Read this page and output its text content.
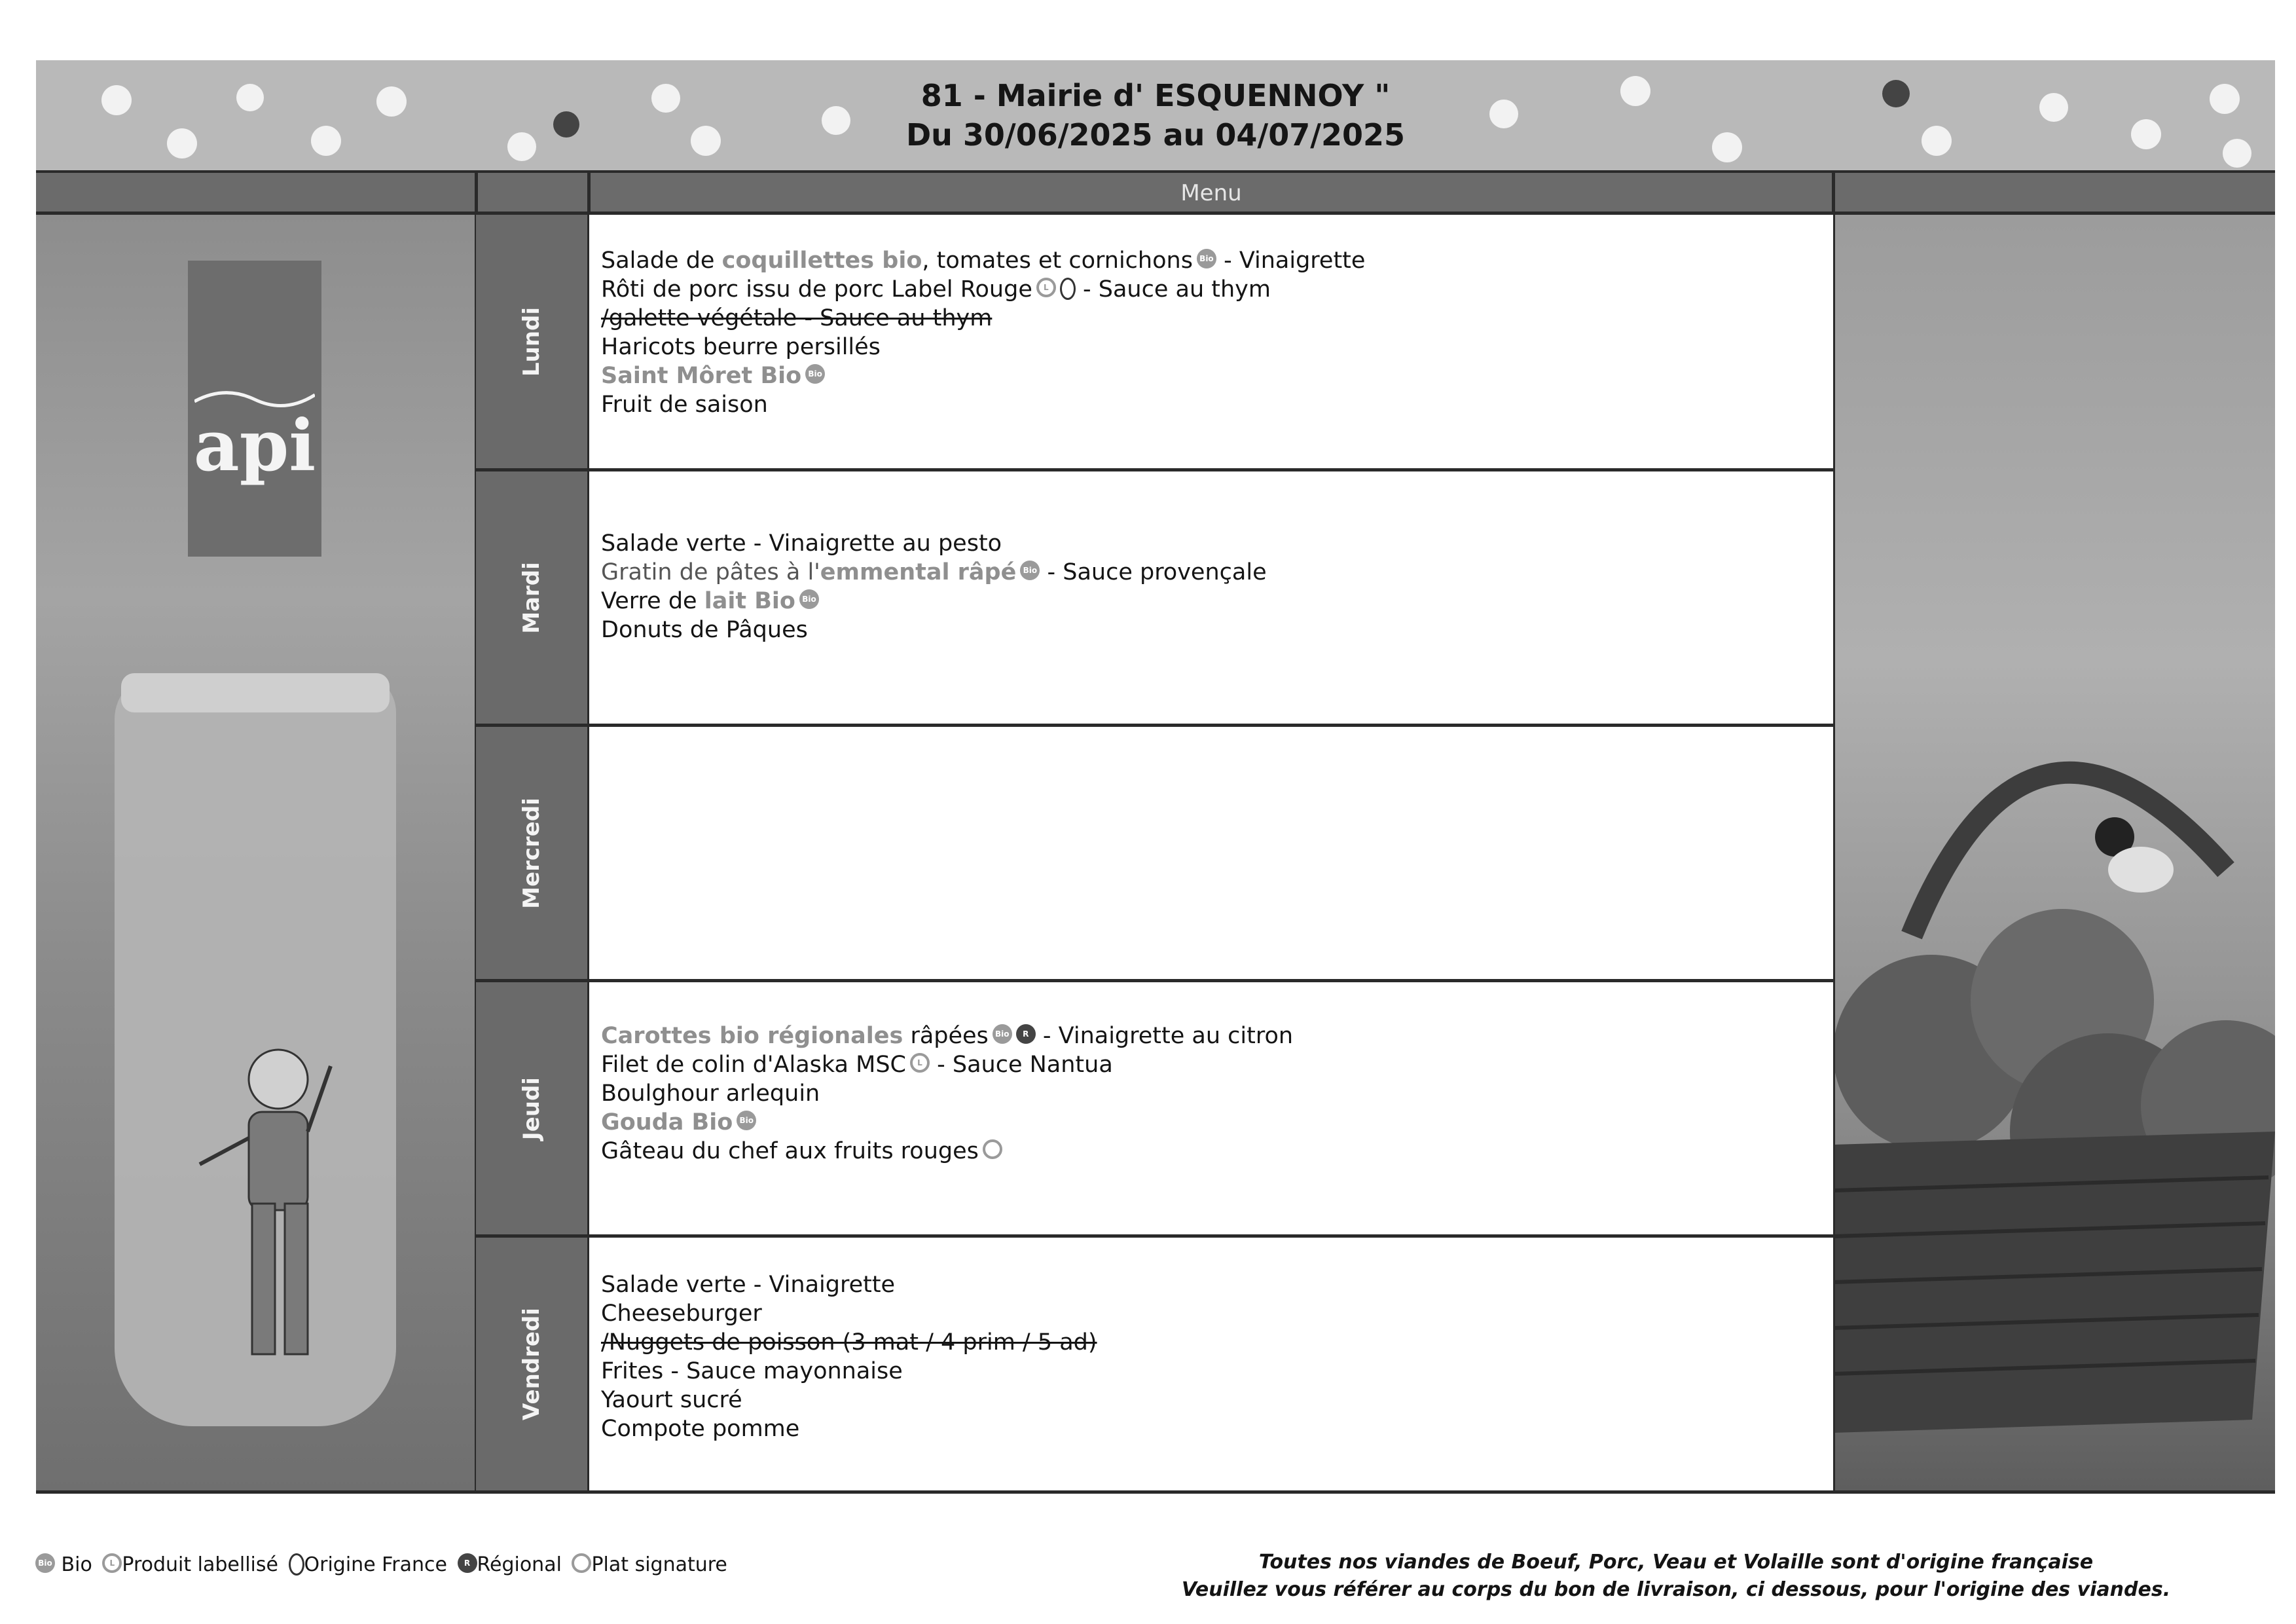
81 - Mairie d' ESQUENNOY "
Du 30/06/2025 au 04/07/2025
Menu
api
Lundi
Mardi
Mercredi
Jeudi
Vendredi
Salade de coquillettes bio, tomates et cornichons Bio - Vinaigrette
Rôti de porc issu de porc Label Rouge L - Sauce au thym
/galette végétale - Sauce au thym
Haricots beurre persillés
Saint Môret Bio Bio
Fruit de saison
Salade verte - Vinaigrette au pesto
Gratin de pâtes à l'emmental râpé Bio - Sauce provençale
Verre de lait Bio Bio
Donuts de Pâques
Carottes bio régionales râpées Bio R - Vinaigrette au citron
Filet de colin d'Alaska MSC L - Sauce Nantua
Boulghour arlequin
Gouda Bio Bio
Gâteau du chef aux fruits rouges
Salade verte - Vinaigrette
Cheeseburger
/Nuggets de poisson (3 mat / 4 prim / 5 ad)
Frites - Sauce mayonnaise
Yaourt sucré
Compote pomme
Bio Bio L Produit labellisé Origine France R Régional Plat signature	Toutes nos viandes de Boeuf, Porc, Veau et Volaille sont d'origine française
Veuillez vous référer au corps du bon de livraison, ci dessous, pour l'origine des viandes.
